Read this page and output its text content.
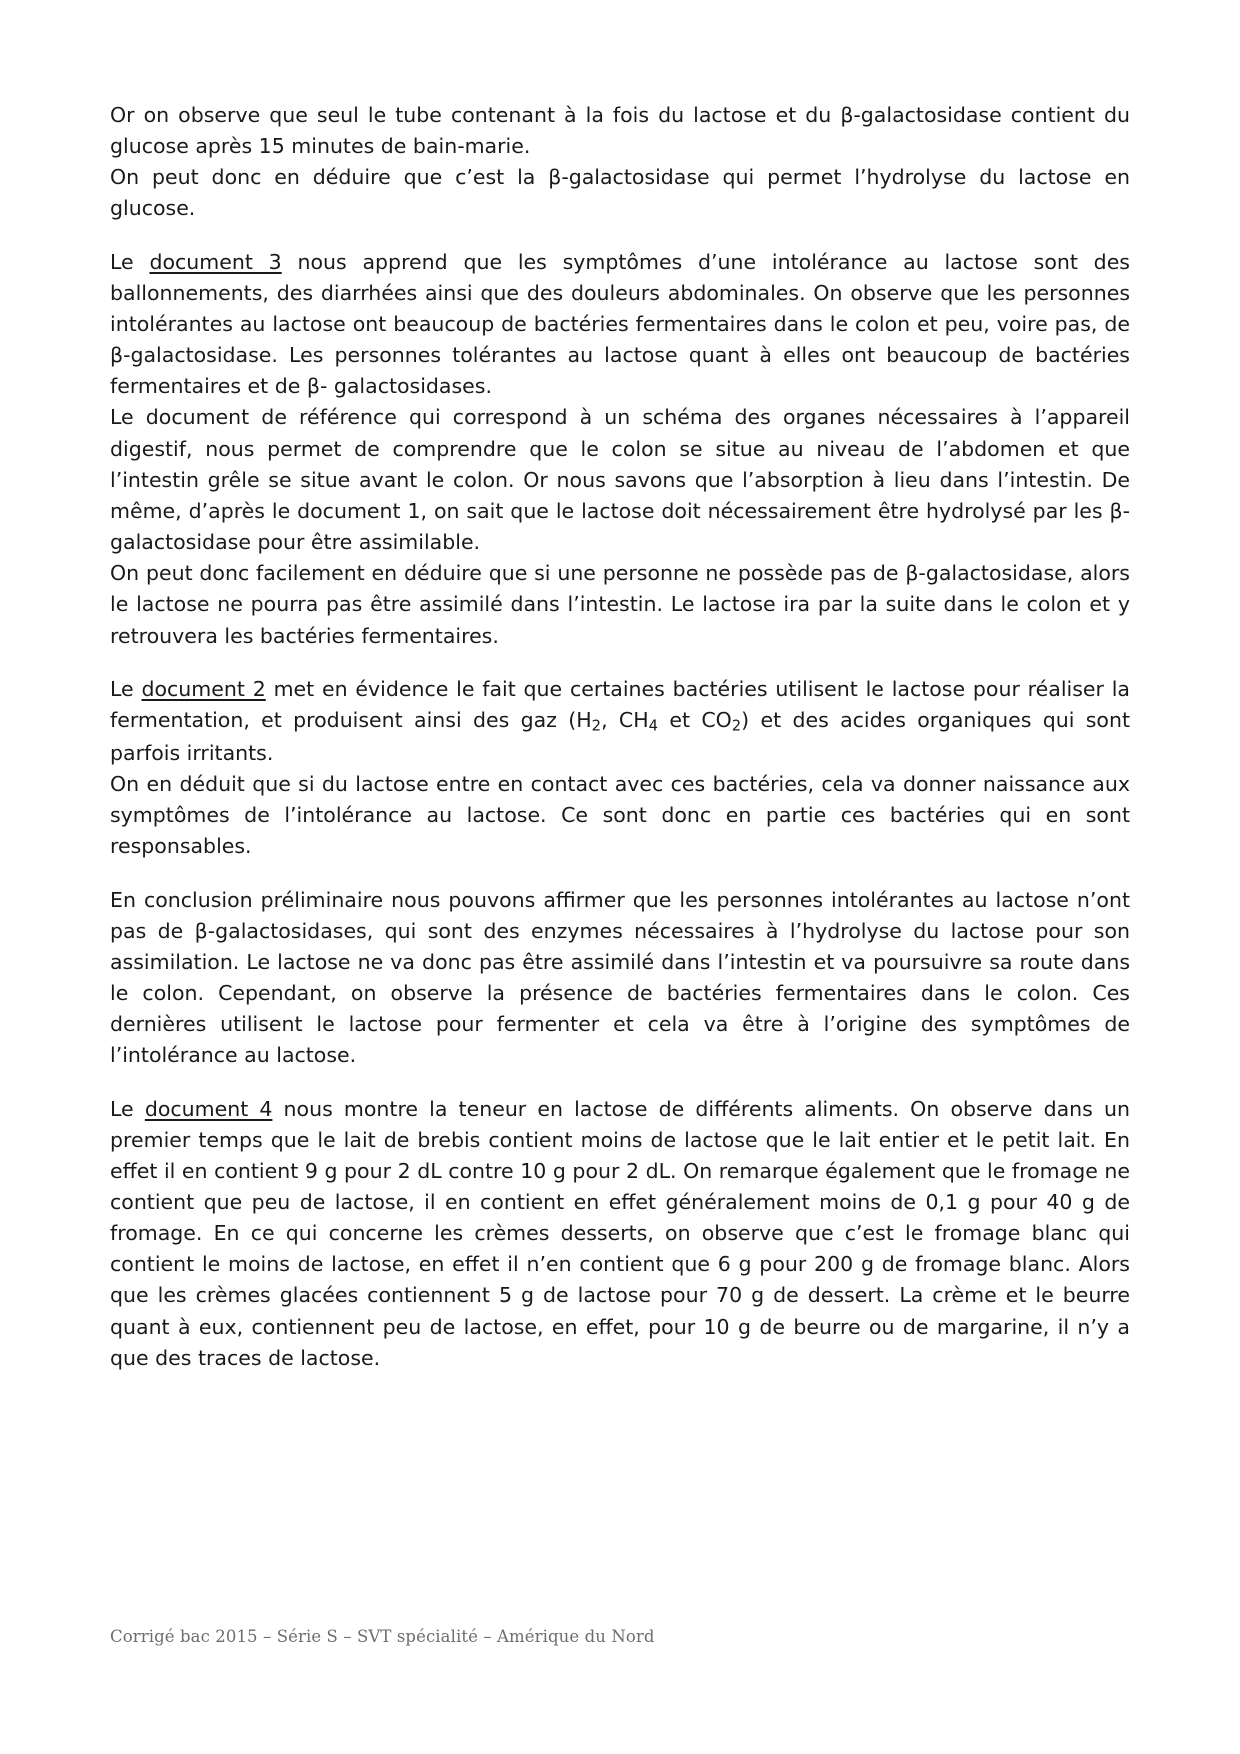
Or on observe que seul le tube contenant à la fois du lactose et du β-galactosidase contient du glucose après 15 minutes de bain-marie.

On peut donc en déduire que c’est la β-galactosidase qui permet l’hydrolyse du lactose en glucose.

Le document 3 nous apprend que les symptômes d’une intolérance au lactose sont des ballonnements, des diarrhées ainsi que des douleurs abdominales. On observe que les personnes intolérantes au lactose ont beaucoup de bactéries fermentaires dans le colon et peu, voire pas, de β-galactosidase. Les personnes tolérantes au lactose quant à elles ont beaucoup de bactéries fermentaires et de β- galactosidases.

Le document de référence qui correspond à un schéma des organes nécessaires à l’appareil digestif, nous permet de comprendre que le colon se situe au niveau de l’abdomen et que l’intestin grêle se situe avant le colon. Or nous savons que l’absorption à lieu dans l’intestin. De même, d’après le document 1, on sait que le lactose doit nécessairement être hydrolysé par les β-galactosidase pour être assimilable.

On peut donc facilement en déduire que si une personne ne possède pas de β-galactosidase, alors le lactose ne pourra pas être assimilé dans l’intestin. Le lactose ira par la suite dans le colon et y retrouvera les bactéries fermentaires.

Le document 2 met en évidence le fait que certaines bactéries utilisent le lactose pour réaliser la fermentation, et produisent ainsi des gaz ($H_2$, $CH_4$ et $CO_2$) et des acides organiques qui sont parfois irritants.

On en déduit que si du lactose entre en contact avec ces bactéries, cela va donner naissance aux symptômes de l’intolérance au lactose. Ce sont donc en partie ces bactéries qui en sont responsables.

En conclusion préliminaire nous pouvons affirmer que les personnes intolérantes au lactose n’ont pas de β-galactosidases, qui sont des enzymes nécessaires à l’hydrolyse du lactose pour son assimilation. Le lactose ne va donc pas être assimilé dans l’intestin et va poursuivre sa route dans le colon. Cependant, on observe la présence de bactéries fermentaires dans le colon. Ces dernières utilisent le lactose pour fermenter et cela va être à l’origine des symptômes de l’intolérance au lactose.

Le document 4 nous montre la teneur en lactose de différents aliments. On observe dans un premier temps que le lait de brebis contient moins de lactose que le lait entier et le petit lait. En effet il en contient 9 g pour 2 dL contre 10 g pour 2 dL. On remarque également que le fromage ne contient que peu de lactose, il en contient en effet généralement moins de 0,1 g pour 40 g de fromage. En ce qui concerne les crèmes desserts, on observe que c’est le fromage blanc qui contient le moins de lactose, en effet il n’en contient que 6 g pour 200 g de fromage blanc. Alors que les crèmes glacées contiennent 5 g de lactose pour 70 g de dessert. La crème et le beurre quant à eux, contiennent peu de lactose, en effet, pour 10 g de beurre ou de margarine, il n’y a que des traces de lactose.

Corrigé bac 2015 – Série S – SVT spécialité – Amérique du Nord
